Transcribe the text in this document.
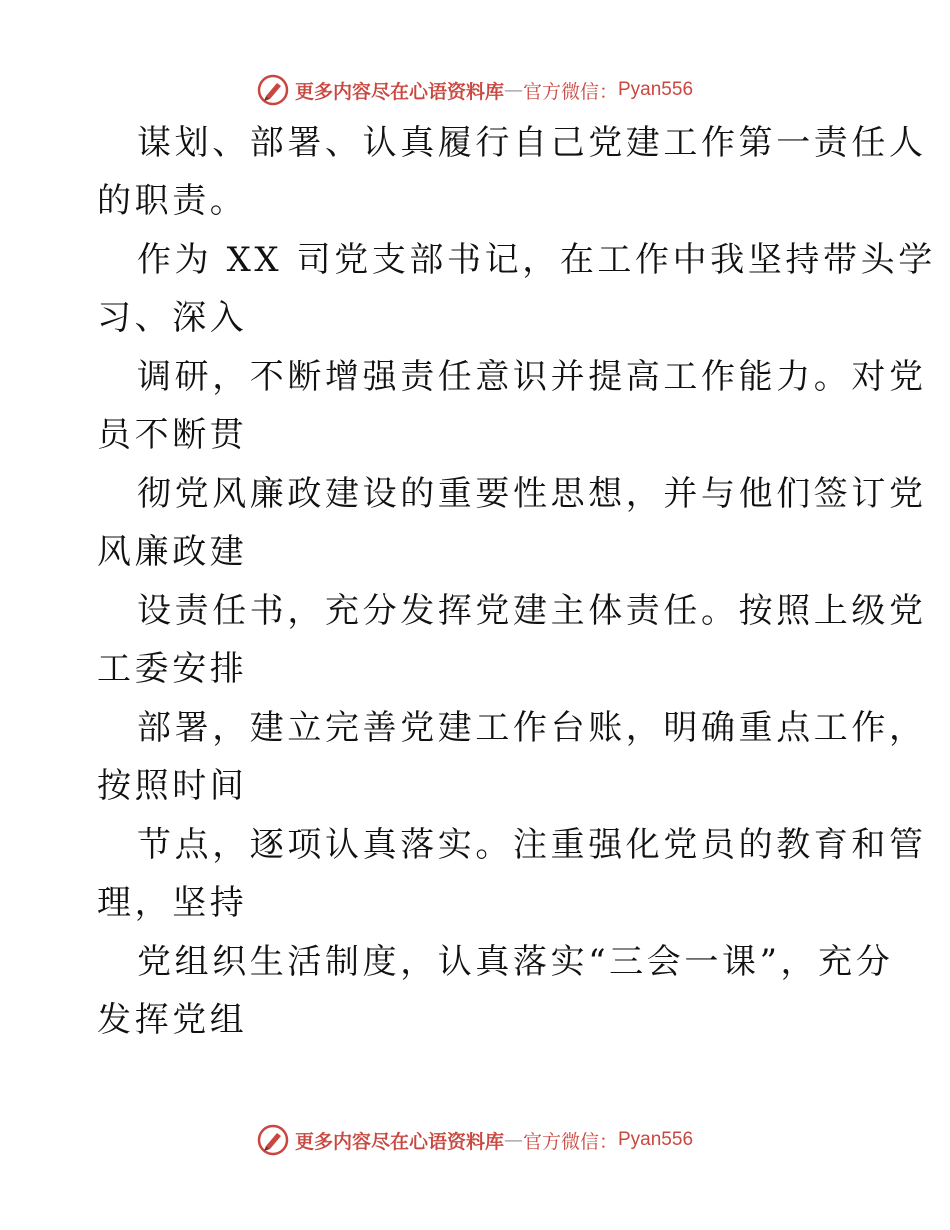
更多内容尽在心语资料库 — 官方微信： Pyan556
谋划、部署、认真履行自己党建工作第一责任人
的职责。
作为 XX 司党支部书记，在工作中我坚持带头学
习、深入
调研，不断增强责任意识并提高工作能力。对党
员不断贯
彻党风廉政建设的重要性思想，并与他们签订党
风廉政建
设责任书，充分发挥党建主体责任。按照上级党
工委安排
部署，建立完善党建工作台账，明确重点工作，
按照时间
节点，逐项认真落实。注重强化党员的教育和管
理，坚持
党组织生活制度，认真落实“三会一课”，充分
发挥党组
更多内容尽在心语资料库 — 官方微信： Pyan556
